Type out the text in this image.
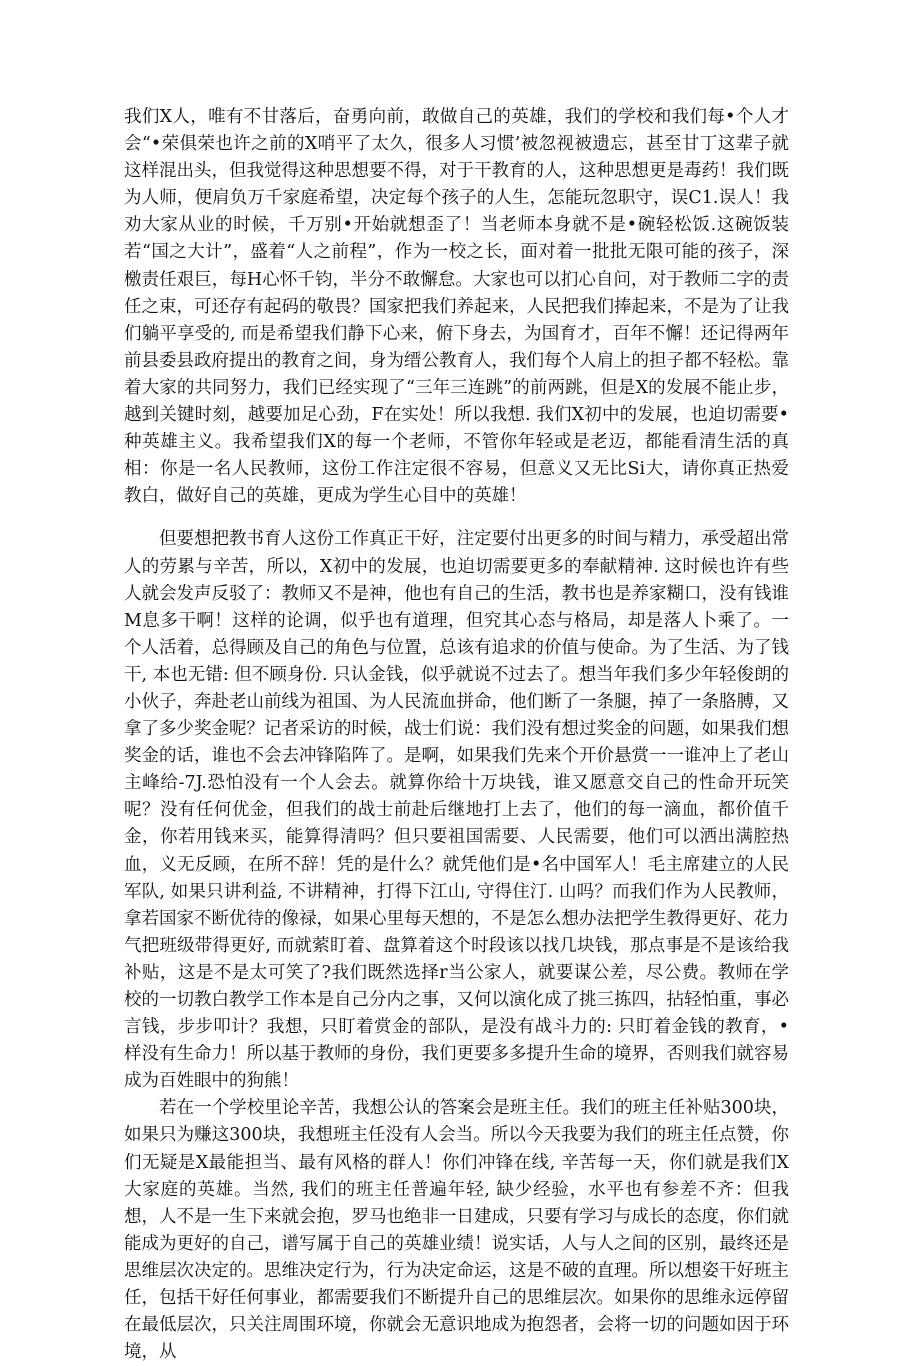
我们X人，唯有不甘落后，奋勇向前，敢做自己的英雄，我们的学校和我们每•个人才会“•荣俱荣也许之前的X哨平了太久，很多人习惯’被忽视被遗忘，甚至甘丁这辈子就这样混出头，但我觉得这种思想要不得，对于干教育的人，这种思想更是毒药！我们既为人师，便肩负万千家庭希望，决定每个孩子的人生，怎能玩忽职守，误C1.误人！我劝大家从业的时候，千万别•开始就想歪了！当老师本身就不是•碗轻松饭.这碗饭装若“国之大计”，盛着“人之前程”，作为一校之长，面对着一批批无限可能的孩子，深檄责任艰巨，每H心怀千钧，半分不敢懈怠。大家也可以扪心自问，对于教师二字的责任之束，可还存有起码的敬畏？国家把我们养起来，人民把我们捧起来，不是为了让我们躺平享受的, 而是希望我们静下心来，俯下身去，为国育才，百年不懈！还记得两年前县委县政府提出的教育之间，身为缙公教育人，我们每个人肩上的担子都不轻松。靠着大家的共同努力，我们已经实现了“三年三连跳”的前两跳，但是X的发展不能止步，越到关键时刻，越要加足心劲，F在实处！所以我想. 我们X初中的发展，也迫切需要•种英雄主义。我希望我们X的每一个老师，不管你年轻或是老迈，都能看清生活的真相：你是一名人民教师，这份工作注定很不容易，但意义又无比Si大，请你真正热爱教白，做好自己的英雄，更成为学生心目中的英雄！

但要想把教书育人这份工作真正干好，注定要付出更多的时间与精力，承受超出常人的劳累与辛苦，所以，X初中的发展，也迫切需要更多的奉献精神. 这时候也许有些人就会发声反驳了：教师又不是神，他也有自己的生活，教书也是养家糊口，没有钱谁M息多干啊！这样的论调，似乎也有道理，但究其心态与格局，却是落人卜乘了。一个人活着，总得顾及自己的角色与位置，总该有追求的价值与使命。为了生活、为了钱干, 本也无错: 但不顾身份. 只认金钱，似乎就说不过去了。想当年我们多少年轻俊朗的小伙子，奔赴老山前线为祖国、为人民流血拼命，他们断了一条腿，掉了一条胳膊，又拿了多少奖金呢？记者采访的时候，战士们说：我们没有想过奖金的问题，如果我们想奖金的话，谁也不会去冲锋陷阵了。是啊，如果我们先来个开价悬赏一一谁冲上了老山主峰给-7J.恐怕没有一个人会去。就算你给十万块钱，谁又愿意交自己的性命开玩笑呢？没有任何优金，但我们的战士前赴后继地打上去了，他们的每一滴血，都价值千金，你若用钱来买，能算得清吗？但只要祖国需要、人民需要，他们可以洒出满腔热血，义无反顾，在所不辞！凭的是什么？就凭他们是•名中国军人！毛主席建立的人民军队, 如果只讲利益, 不讲精神，打得下江山, 守得住汀. 山吗？而我们作为人民教师，拿若国家不断优待的像禄，如果心里每天想的，不是怎么想办法把学生教得更好、花力气把班级带得更好, 而就萦盯着、盘算着这个时段该以找几块钱，那点事是不是该给我补贴，这是不是太可笑了?我们既然选择r当公家人，就要谋公差，尽公费。教师在学校的一切教白教学工作本是自己分内之事，又何以演化成了挑三拣四，拈轻怕重，事必言钱，步步叩计？我想，只盯着赏金的部队，是没有战斗力的: 只盯着金钱的教育，•样没有生命力！所以基于教师的身份，我们更要多多提升生命的境界，否则我们就容易成为百姓眼中的狗熊！

若在一个学校里论辛苦，我想公认的答案会是班主任。我们的班主任补贴300块，如果只为赚这300块，我想班主任没有人会当。所以今天我要为我们的班主任点赞，你们无疑是X最能担当、最有风格的群人！你们冲锋在线, 辛苦每一天，你们就是我们X大家庭的英雄。当然, 我们的班主任普遍年轻, 缺少经验，水平也有参差不齐：但我想，人不是一生下来就会抱，罗马也绝非一日建成，只要有学习与成长的态度，你们就能成为更好的自己，谱写属于自己的英雄业绩！说实话，人与人之间的区别，最终还是思维层次决定的。思维决定行为，行为决定命运，这是不破的直理。所以想姿干好班主任，包括干好任何事业，都需要我们不断提升自己的思维层次。如果你的思维永远停留在最低层次，只关注周围环境，你就会无意识地成为抱怨者，会将一切的问题如因于环境，从
